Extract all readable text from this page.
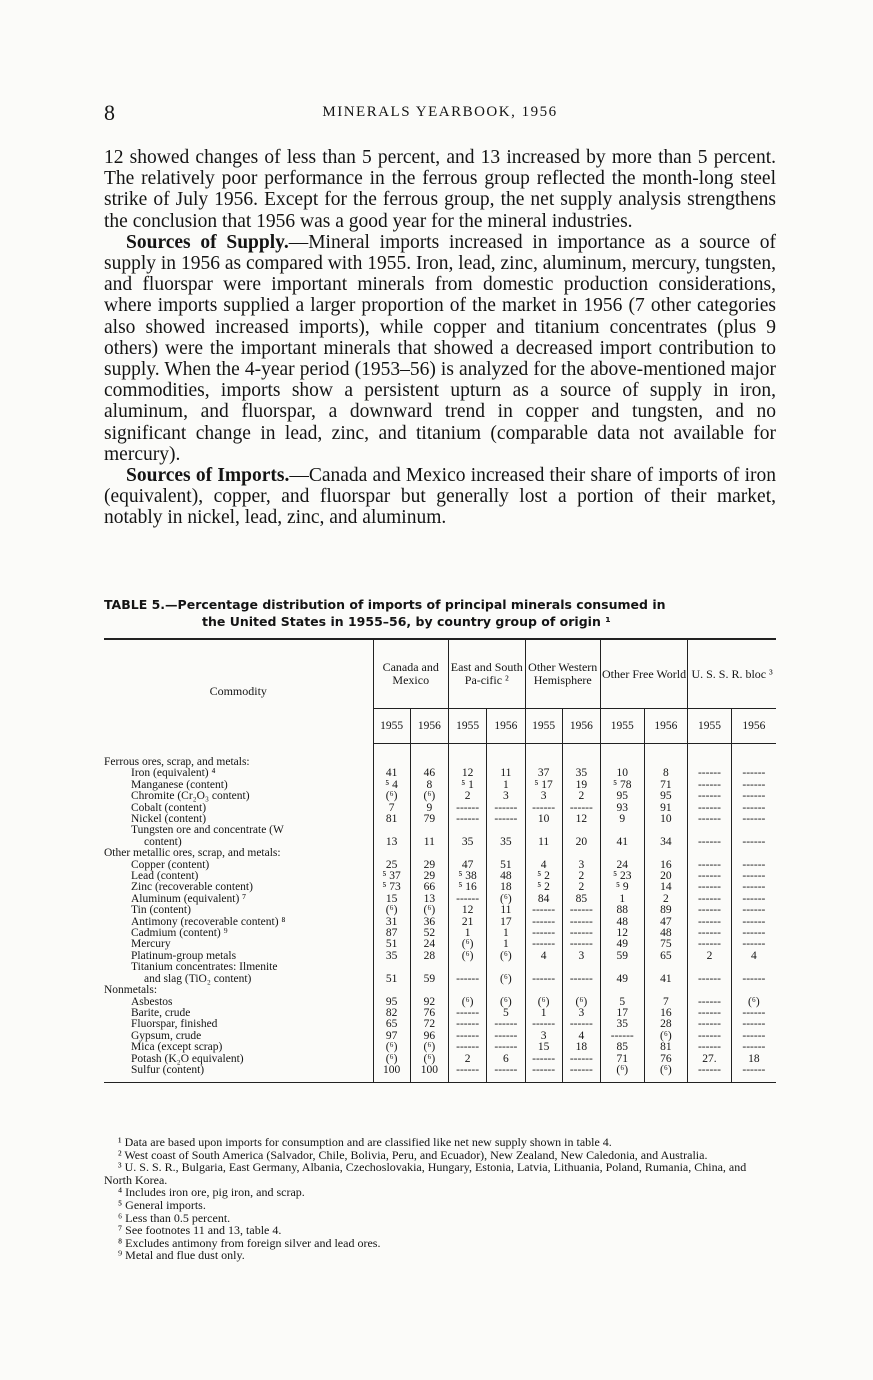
8	MINERALS YEARBOOK, 1956

12 showed changes of less than 5 percent, and 13 increased by more than 5 percent. The relatively poor performance in the ferrous group reflected the month-long steel strike of July 1956. Except for the ferrous group, the net supply analysis strengthens the conclusion that 1956 was a good year for the mineral industries.

Sources of Supply.—Mineral imports increased in importance as a source of supply in 1956 as compared with 1955. Iron, lead, zinc, aluminum, mercury, tungsten, and fluorspar were important minerals from domestic production considerations, where imports supplied a larger proportion of the market in 1956 (7 other categories also showed increased imports), while copper and titanium concentrates (plus 9 others) were the important minerals that showed a decreased import contribution to supply. When the 4-year period (1953–56) is analyzed for the above-mentioned major commodities, imports show a persistent upturn as a source of supply in iron, aluminum, and fluorspar, a downward trend in copper and tungsten, and no significant change in lead, zinc, and titanium (comparable data not available for mercury).

Sources of Imports.—Canada and Mexico increased their share of imports of iron (equivalent), copper, and fluorspar but generally lost a portion of their market, notably in nickel, lead, zinc, and aluminum.

TABLE 5.—Percentage distribution of imports of principal minerals consumed in
the United States in 1955–56, by country group of origin ¹
Commodity	Canada and Mexico		East and South Pa-cific ²		Other Western Hemisphere		Other Free World		U. S. S. R. bloc ³	
	1955	1956	1955	1956	1955	1956	1955	1956	1955	1956
Ferrous ores, scrap, and metals:										
Iron (equivalent) ⁴	41	46	12	11	37	35	10	8	------	------
Manganese (content)	⁵ 4	8	⁵ 1	1	⁵ 17	19	⁵ 78	71	------	------
Chromite (Cr₂O₃ content)	(⁶)	(⁶)	2	3	3	2	95	95	------	------
Cobalt (content)	7	9	------	------	------	------	93	91	------	------
Nickel (content)	81	79	------	------	10	12	9	10	------	------
Tungsten ore and concentrate (W										
content)	13	11	35	35	11	20	41	34	------	------
Other metallic ores, scrap, and metals:										
Copper (content)	25	29	47	51	4	3	24	16	------	------
Lead (content)	⁵ 37	29	⁵ 38	48	⁵ 2	2	⁵ 23	20	------	------
Zinc (recoverable content)	⁵ 73	66	⁵ 16	18	⁵ 2	2	⁵ 9	14	------	------
Aluminum (equivalent) ⁷	15	13	------	(⁶)	84	85	1	2	------	------
Tin (content)	(⁶)	(⁶)	12	11	------	------	88	89	------	------
Antimony (recoverable content) ⁸	31	36	21	17	------	------	48	47	------	------
Cadmium (content) ⁹	87	52	1	1	------	------	12	48	------	------
Mercury	51	24	(⁶)	1	------	------	49	75	------	------
Platinum-group metals	35	28	(⁶)	(⁶)	4	3	59	65	2	4
Titanium concentrates: Ilmenite										
and slag (TiO₂ content)	51	59	------	(⁶)	------	------	49	41	------	------
Nonmetals:										
Asbestos	95	92	(⁶)	(⁶)	(⁶)	(⁶)	5	7	------	(⁶)
Barite, crude	82	76	------	5	1	3	17	16	------	------
Fluorspar, finished	65	72	------	------	------	------	35	28	------	------
Gypsum, crude	97	96	------	------	3	4	------	(⁶)	------	------
Mica (except scrap)	(⁶)	(⁶)	------	------	15	18	85	81	------	------
Potash (K₂O equivalent)	(⁶)	(⁶)	2	6	------	------	71	76	27.	18
Sulfur (content)	100	100	------	------	------	------	(⁶)	(⁶)	------	------

¹ Data are based upon imports for consumption and are classified like net new supply shown in table 4.

² West coast of South America (Salvador, Chile, Bolivia, Peru, and Ecuador), New Zealand, New Caledonia, and Australia.

³ U. S. S. R., Bulgaria, East Germany, Albania, Czechoslovakia, Hungary, Estonia, Latvia, Lithuania, Poland, Rumania, China, and North Korea.

⁴ Includes iron ore, pig iron, and scrap.

⁵ General imports.

⁶ Less than 0.5 percent.

⁷ See footnotes 11 and 13, table 4.

⁸ Excludes antimony from foreign silver and lead ores.

⁹ Metal and flue dust only.
